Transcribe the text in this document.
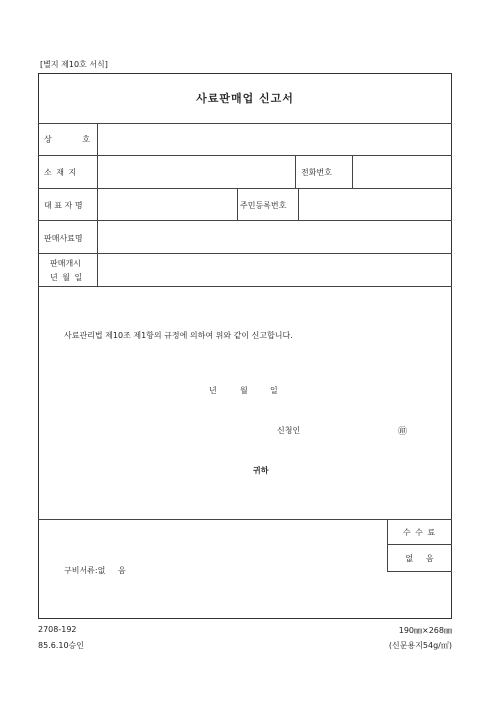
[별지 제10호 서식]
사료판매업 신고서
상	호
소 재 지	전화번호
대 표 자 명	주민등록번호
판매사료명
판매개시
년 월 일
사료관리법 제10조 제1항의 규정에 의하여 위와 같이 신고합니다.
년	월	일
신청인	㊞
귀하
구비서류:없     음
수 수 료
없     음
2708-192
85.6.10승인
190㎜×268㎜
(신문용지54g/㎡)
